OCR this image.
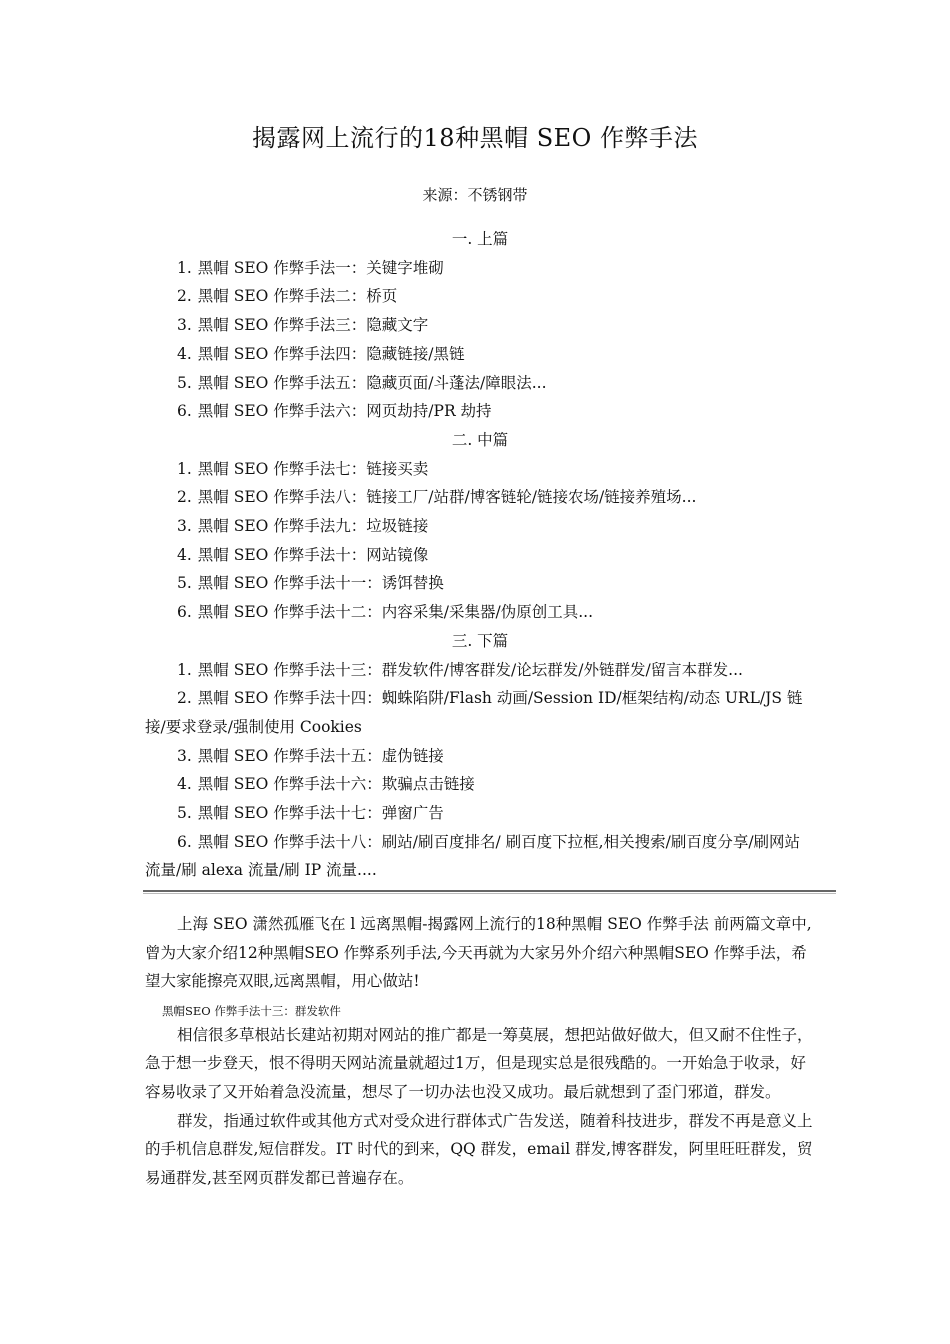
揭露网上流行的18种黑帽 SEO 作弊手法
来源：不锈钢带

一. 上篇

1. 黑帽 SEO 作弊手法一：关键字堆砌

2. 黑帽 SEO 作弊手法二：桥页

3. 黑帽 SEO 作弊手法三：隐藏文字

4. 黑帽 SEO 作弊手法四：隐藏链接/黑链

5. 黑帽 SEO 作弊手法五：隐藏页面/斗蓬法/障眼法...

6. 黑帽 SEO 作弊手法六：网页劫持/PR 劫持

二. 中篇

1. 黑帽 SEO 作弊手法七：链接买卖

2. 黑帽 SEO 作弊手法八：链接工厂/站群/博客链轮/链接农场/链接养殖场...

3. 黑帽 SEO 作弊手法九：垃圾链接

4. 黑帽 SEO 作弊手法十：网站镜像

5. 黑帽 SEO 作弊手法十一：诱饵替换

6. 黑帽 SEO 作弊手法十二：内容采集/采集器/伪原创工具...

三. 下篇

1. 黑帽 SEO 作弊手法十三：群发软件/博客群发/论坛群发/外链群发/留言本群发...

2. 黑帽 SEO 作弊手法十四：蜘蛛陷阱/Flash 动画/Session ID/框架结构/动态 URL/JS 链接/要求登录/强制使用 Cookies

3. 黑帽 SEO 作弊手法十五：虚伪链接

4. 黑帽 SEO 作弊手法十六：欺骗点击链接

5. 黑帽 SEO 作弊手法十七：弹窗广告

6. 黑帽 SEO 作弊手法十八：刷站/刷百度排名/ 刷百度下拉框,相关搜索/刷百度分享/刷网站流量/刷 alexa 流量/刷 IP 流量....

上海 SEO 潇然孤雁飞在 l 远离黑帽-揭露网上流行的18种黑帽 SEO 作弊手法 前两篇文章中,曾为大家介绍12种黑帽SEO 作弊系列手法,今天再就为大家另外介绍六种黑帽SEO 作弊手法，希望大家能擦亮双眼,远离黑帽，用心做站!

黑帽SEO 作弊手法十三：群发软件

相信很多草根站长建站初期对网站的推广都是一筹莫展，想把站做好做大，但又耐不住性子，急于想一步登天，恨不得明天网站流量就超过1万，但是现实总是很残酷的。一开始急于收录，好容易收录了又开始着急没流量，想尽了一切办法也没又成功。最后就想到了歪门邪道，群发。

群发，指通过软件或其他方式对受众进行群体式广告发送，随着科技进步，群发不再是意义上的手机信息群发,短信群发。IT 时代的到来，QQ 群发，email 群发,博客群发，阿里旺旺群发，贸易通群发,甚至网页群发都已普遍存在。
